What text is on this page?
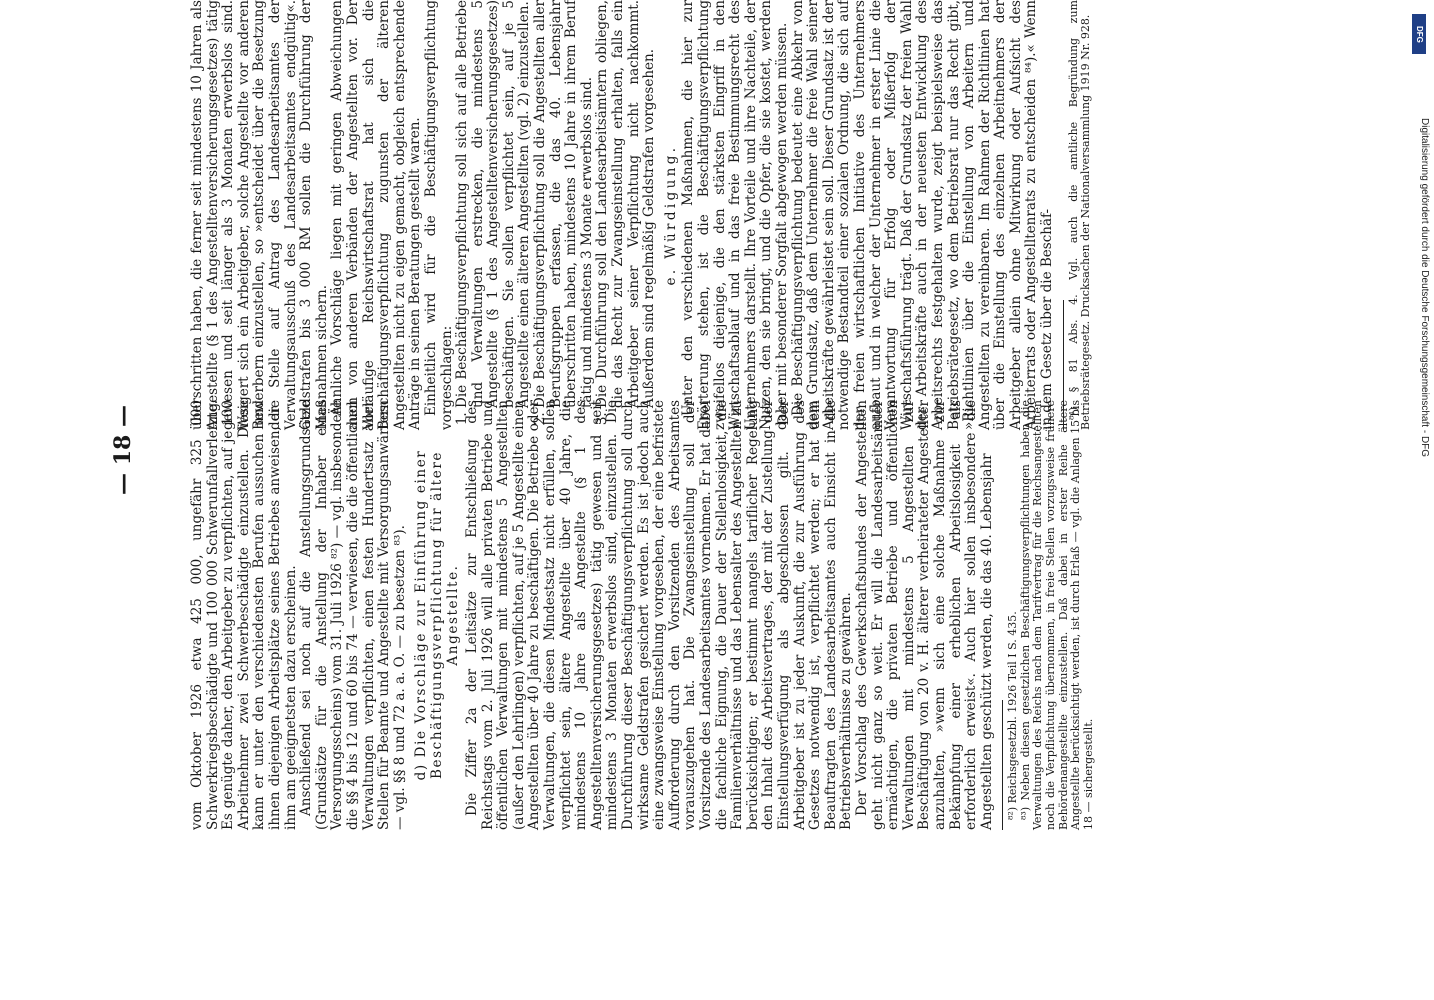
— 18 —	vom Oktober 1926 etwa 425 000, ungefähr 325 000 Schwerkriegsbeschädigte und 100 000 Schwerunfallverletzte. Es genügte daher, den Arbeitgeber zu verpflichten, auf je 100 Arbeitnehmer zwei Schwerbeschädigte einzustellen. Diese kann er unter den verschiedensten Berufen aussuchen und ihnen diejenigen Arbeitsplätze seines Betriebes anweisen, die ihm am geeignetsten dazu erscheinen. Anschließend sei noch auf die Anstellungsgrundsätze (Grundsätze für die Anstellung der Inhaber eines Versorgungsscheins) vom 31. Juli 1926 ⁸²) — vgl. insbesondere die §§ 4 bis 12 und 60 bis 74 — verwiesen, die die öffentlichen Verwaltungen verpflichten, einen festen Hundertsatz aller Stellen für Beamte und Angestellte mit Versorgungsanwärtern — vgl. §§ 8 und 72 a. a. O. — zu besetzen ⁸³). d) Die Vorschläge zur Einführung einer Beschäftigungsverpflichtung für ältere Angestellte. Die Ziffer 2a der Leitsätze zur Entschließung des Reichstags vom 2. Juli 1926 will alle privaten Betriebe und öffentlichen Verwaltungen mit mindestens 5 Angestellten (außer den Lehrlingen) verpflichten, auf je 5 Angestellte einen Angestellten über 40 Jahre zu beschäftigen. Die Betriebe oder Verwaltungen, die diesen Mindestsatz nicht erfüllen, sollen verpflichtet sein, ältere Angestellte über 40 Jahre, die mindestens 10 Jahre als Angestellte (§ 1 des Angestelltenversicherungsgesetzes) tätig gewesen und seit mindestens 3 Monaten erwerbslos sind, einzustellen. Die Durchführung dieser Beschäftigungsverpflichtung soll durch wirksame Geldstrafen gesichert werden. Es ist jedoch auch eine zwangsweise Einstellung vorgesehen, der eine befristete Aufforderung durch den Vorsitzenden des Arbeitsamtes vorauszugehen hat. Die Zwangseinstellung soll der Vorsitzende des Landesarbeitsamtes vornehmen. Er hat dabei die fachliche Eignung, die Dauer der Stellenlosigkeit, die Familienverhältnisse und das Lebensalter des Angestellten zu berücksichtigen; er bestimmt mangels tariflicher Regelung den Inhalt des Arbeitsvertrages, der mit der Zustellung der Einstellungsverfügung als abgeschlossen gilt. Der Arbeitgeber ist zu jeder Auskunft, die zur Ausführung des Gesetzes notwendig ist, verpflichtet werden; er hat dem Beauftragten des Landesarbeitsamtes auch Einsicht in die Betriebsverhältnisse zu gewähren. Der Vorschlag des Gewerkschaftsbundes der Angestellten geht nicht ganz so weit. Er will die Landesarbeitsämter ermächtigen, die privaten Betriebe und öffentlichen Verwaltungen mit mindestens 5 Angestellten zur Beschäftigung von 20 v. H. älterer verheirateter Angestellter anzuhalten, »wenn sich eine solche Maßnahme zur Bekämpfung einer erheblichen Arbeitslosigkeit als erforderlich erweist«. Auch hier sollen insbesondere die Angestellten geschützt werden, die das 40. Lebensjahr ⁸²) Reichsgesetzbl. 1926 Teil I S. 435. ⁸³) Neben diesen gesetzlichen Beschäftigungsverpflichtungen haben die Verwaltungen des Reichs nach dem Tarifvertrag für die Reichsangestellten noch die Verpflichtung übernommen, in freie Stellen vorzugsweise frühere Behördenangestellte einzustellen. Daß dabei in erster Reihe ältere Angestellte berücksichtigt werden, ist durch Erlaß — vgl. die Anlagen 15 bis 18 — sichergestellt.

überschritten haben, die ferner seit mindestens 10 Jahren als Angestellte (§ 1 des Angestelltenversicherungsgesetzes) tätig gewesen und seit länger als 3 Monaten erwerbslos sind. Weigert sich ein Arbeitgeber, solche Angestellte vor anderen Bewerbern einzustellen, so »entscheidet über die Besetzung der Stelle auf Antrag des Landesarbeitsamtes der Verwaltungsausschuß des Landesarbeitsamtes endgültig«. Geldstrafen bis 3 000 RM sollen die Durchführung der Maßnahmen sichern. Ähnliche Vorschläge liegen mit geringen Abweichungen auch von anderen Verbänden der Angestellten vor. Der Vorläufige Reichswirtschaftsrat hat sich die Beschäftigungsverpflichtung zugunsten der älteren Angestellten nicht zu eigen gemacht, obgleich entsprechende Anträge in seinen Beratungen gestellt waren. Einheitlich wird für die Beschäftigungsverpflichtung vorgeschlagen: 1. Die Beschäftigungsverpflichtung soll sich auf alle Betriebe und Verwaltungen erstrecken, die mindestens 5 Angestellte (§ 1 des Angestelltenversicherungsgesetzes) beschäftigen. Sie sollen verpflichtet sein, auf je 5 Angestellte einen älteren Angestellten (vgl. 2) einzustellen. 2. Die Beschäftigungsverpflichtung soll die Angestellten aller Berufsgruppen erfassen, die das 40. Lebensjahr überschritten haben, mindestens 10 Jahre in ihrem Beruf tätig und mindestens 3 Monate erwerbslos sind. 3. Die Durchführung soll den Landesarbeitsämtern obliegen, die das Recht zur Zwangseinstellung erhalten, falls ein Arbeitgeber seiner Verpflichtung nicht nachkommt. Außerdem sind regelmäßig Geldstrafen vorgesehen. e. Würdigung. Unter den verschiedenen Maßnahmen, die hier zur Erörterung stehen, ist die Beschäftigungsverpflichtung zweifellos diejenige, die den stärksten Eingriff in den Wirtschaftsablauf und in das freie Bestimmungsrecht des Unternehmers darstellt. Ihre Vorteile und ihre Nachteile, der Nutzen, den sie bringt, und die Opfer, die sie kostet, werden daher mit besonderer Sorgfalt abgewogen werden müssen. Die Beschäftigungsverpflichtung bedeutet eine Abkehr von dem Grundsatz, daß dem Unternehmer die freie Wahl seiner Arbeitskräfte gewährleistet sein soll. Dieser Grundsatz ist der notwendige Bestandteil einer sozialen Ordnung, die sich auf der freien wirtschaftlichen Initiative des Unternehmers aufbaut und in welcher der Unternehmer in erster Linie die Verantwortung für Erfolg oder Mißerfolg der Wirtschaftsführung trägt. Daß der Grundsatz der freien Wahl der Arbeitskräfte auch in der neuesten Entwicklung des Arbeitsrechts festgehalten wurde, zeigt beispielsweise das Betriebsrätegesetz, wo dem Betriebsrat nur das Recht gibt, »Richtlinien über die Einstellung von Arbeitern und Angestellten zu vereinbaren. Im Rahmen der Richtlinien hat über die Einstellung des einzelnen Arbeitnehmers der Arbeitgeber allein ohne Mitwirkung oder Aufsicht des Arbeiterrats oder Angestelltenrats zu entscheiden ⁸⁴).« Wenn in dem Gesetz über die Beschäf- ⁸⁴) § 81 Abs. 4. Vgl. auch die amtliche Begründung zum Betriebsrätegesetz. Drucksachen der Nationalversammlung 1919 Nr. 928.	DFG
Digitalisierung gefördert durch die Deutsche Forschungsgemeinschaft - DFG
